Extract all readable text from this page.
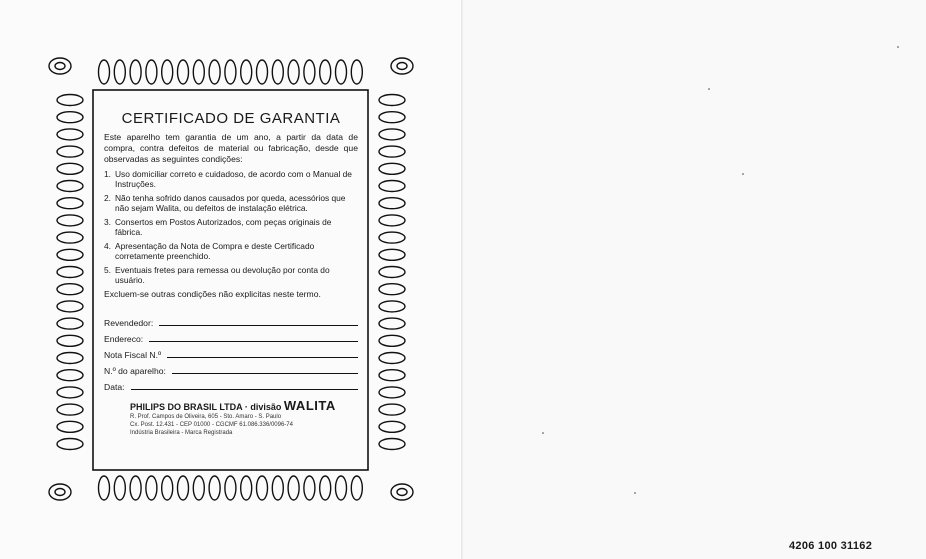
CERTIFICADO DE GARANTIA

Este aparelho tem garantia de um ano, a partir da data de compra, contra defeitos de material ou fabricação, desde que observadas as seguintes condições:

1. Uso domiciliar correto e cuidadoso, de acordo com o Manual de Instruções.
2. Não tenha sofrido danos causados por queda, acessórios que não sejam Walita, ou defeitos de instalação elétrica.
3. Consertos em Postos Autorizados, com peças originais de fábrica.
4. Apresentação da Nota de Compra e deste Certificado corretamente preenchido.
5. Eventuais fretes para remessa ou devolução por conta do usuário.

Excluem-se outras condições não explicitas neste termo.

Revendedor:
Endereco:
Nota Fiscal N.º
N.º do aparelho:
Data:
PHILIPS DO BRASIL LTDA · divisão WALITA
R. Prof. Campos de Oliveira, 605 - Sto. Amaro - S. Paulo
Cx. Post. 12.431 - CEP 01000 - CGCMF 61.086.336/0096-74
Indústria Brasileira - Marca Registrada
4206 100 31162
